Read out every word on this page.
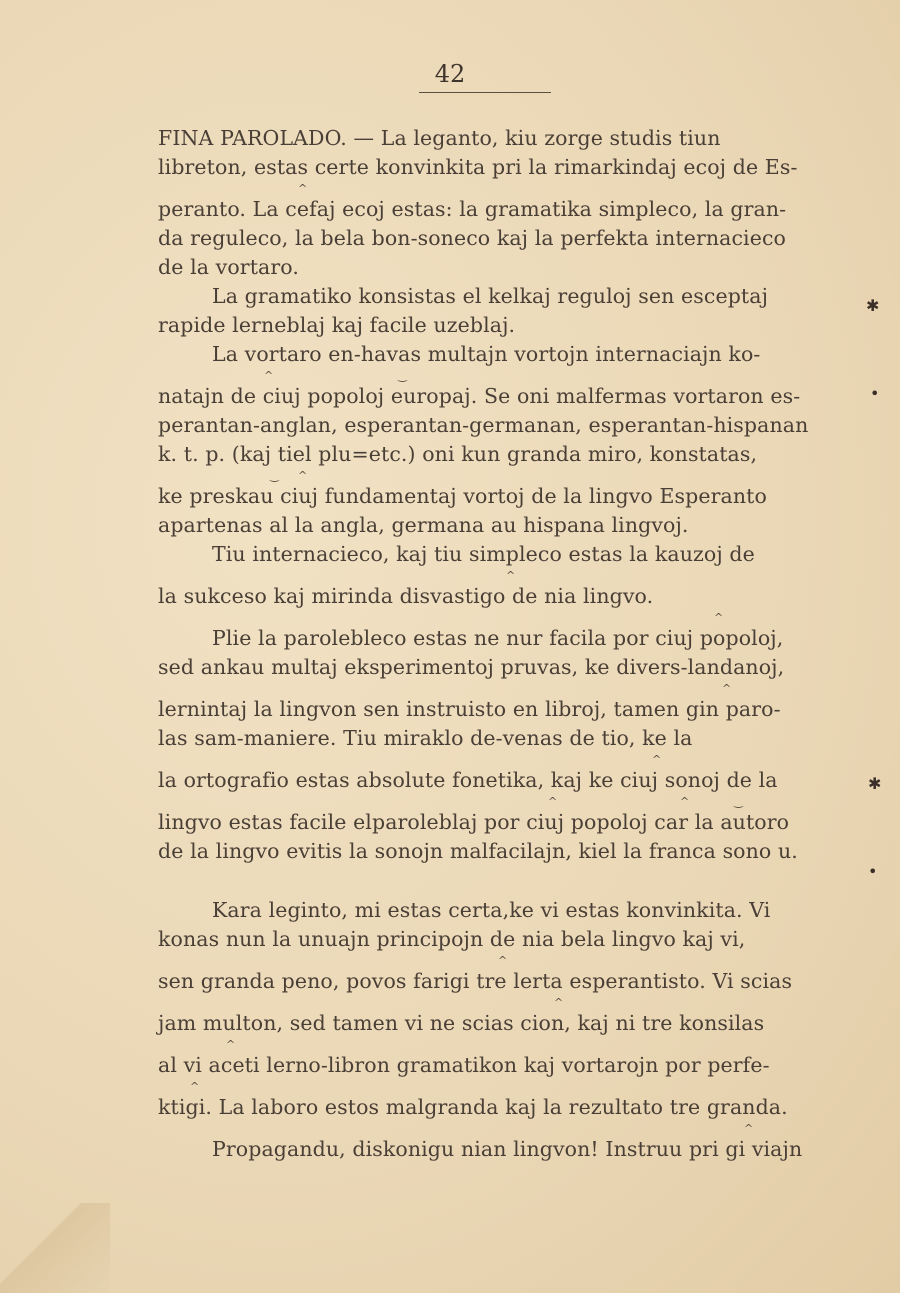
42
FINA PAROLADO. — La leganto, kiu zorge studis tiun
libreton, estas certe konvinkita pri la rimarkindaj ecoj de Es-
^
peranto. La cefaj ecoj estas: la gramatika simpleco, la gran-
da reguleco, la bela bon-soneco kaj la perfekta internacieco
de la vortaro.
La gramatiko konsistas el kelkaj reguloj sen esceptaj
rapide lerneblaj kaj facile uzeblaj.
La vortaro en-havas multajn vortojn internaciajn ko-
^	‿
natajn de ciuj popoloj europaj. Se oni malfermas vortaron es-
perantan-anglan, esperantan-germanan, esperantan-hispanan
k. t. p. (kaj tiel plu=etc.) oni kun granda miro, konstatas,
‿ ^
ke preskau ciuj fundamentaj vortoj de la lingvo Esperanto
apartenas al la angla, germana au hispana lingvoj.
Tiu internacieco, kaj tiu simpleco estas la kauzoj de
^
la sukceso kaj mirinda disvastigo de nia lingvo.
^
Plie la parolebleco estas ne nur facila por ciuj popoloj,
sed ankau multaj eksperimentoj pruvas, ke divers-landanoj,
^
lernintaj la lingvon sen instruisto en libroj, tamen gin paro-
las sam-maniere. Tiu miraklo de-venas de tio, ke la
^
la ortografio estas absolute fonetika, kaj ke ciuj sonoj de la
^	^	‿
lingvo estas facile elparoleblaj por ciuj popoloj car la autoro
de la lingvo evitis la sonojn malfacilajn, kiel la franca sono u.
Kara leginto, mi estas certa,ke vi estas konvinkita. Vi
konas nun la unuajn principojn de nia bela lingvo kaj vi,
^
sen granda peno, povos farigi tre lerta esperantisto. Vi scias
^
jam multon, sed tamen vi ne scias cion, kaj ni tre konsilas
^
al vi aceti lerno-libron gramatikon kaj vortarojn por perfe-
^
ktigi. La laboro estos malgranda kaj la rezultato tre granda.
^
Propagandu, diskonigu nian lingvon! Instruu pri gi viajn
✱
•
✱
•
